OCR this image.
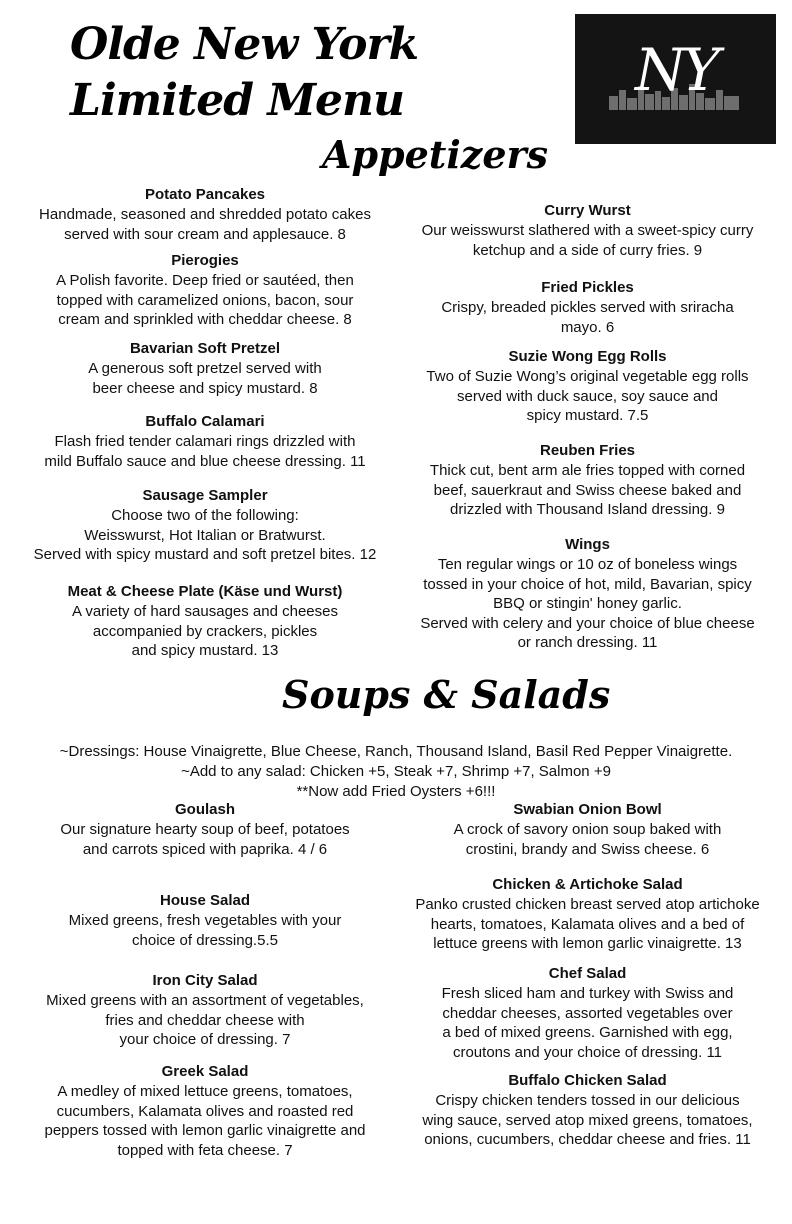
Olde New York
Limited Menu	NY
Appetizers
Potato Pancakes
Handmade, seasoned and shredded potato cakes
served with sour cream and applesauce. 8
Pierogies
A Polish favorite. Deep fried or sautéed, then
topped with caramelized onions, bacon, sour
cream and sprinkled with cheddar cheese. 8
Bavarian Soft Pretzel
A generous soft pretzel served with
beer cheese and spicy mustard. 8
Buffalo Calamari
Flash fried tender calamari rings drizzled with
mild Buffalo sauce and blue cheese dressing. 11
Sausage Sampler
Choose two of the following:
Weisswurst, Hot Italian or Bratwurst.
Served with spicy mustard and soft pretzel bites. 12
Meat & Cheese Plate (Käse und Wurst)
A variety of hard sausages and cheeses
accompanied by crackers, pickles
and spicy mustard. 13
Curry Wurst
Our weisswurst slathered with a sweet-spicy curry
ketchup and a side of curry fries. 9
Fried Pickles
Crispy, breaded pickles served with sriracha
mayo. 6
Suzie Wong Egg Rolls
Two of Suzie Wong’s original vegetable egg rolls
served with duck sauce, soy sauce and
spicy mustard. 7.5
Reuben Fries
Thick cut, bent arm ale fries topped with corned
beef, sauerkraut and Swiss cheese baked and
drizzled with Thousand Island dressing. 9
Wings
Ten regular wings or 10 oz of boneless wings
tossed in your choice of hot, mild, Bavarian, spicy
BBQ or stingin' honey garlic.
Served with celery and your choice of blue cheese
or ranch dressing. 11
Soups & Salads
~Dressings: House Vinaigrette, Blue Cheese, Ranch, Thousand Island, Basil Red Pepper Vinaigrette.
~Add to any salad: Chicken +5, Steak +7, Shrimp +7, Salmon +9
**Now add Fried Oysters +6!!!
Goulash
Our signature hearty soup of beef, potatoes
and carrots spiced with paprika. 4 / 6
House Salad
Mixed greens, fresh vegetables with your
choice of dressing.5.5
Iron City Salad
Mixed greens with an assortment of vegetables,
fries and cheddar cheese with
your choice of dressing. 7
Greek Salad
A medley of mixed lettuce greens, tomatoes,
cucumbers, Kalamata olives and roasted red
peppers tossed with lemon garlic vinaigrette and
topped with feta cheese. 7
Swabian Onion Bowl
A crock of savory onion soup baked with
crostini, brandy and Swiss cheese. 6
Chicken & Artichoke Salad
Panko crusted chicken breast served atop artichoke
hearts, tomatoes, Kalamata olives and a bed of
lettuce greens with lemon garlic vinaigrette. 13
Chef Salad
Fresh sliced ham and turkey with Swiss and
cheddar cheeses, assorted vegetables over
a bed of mixed greens. Garnished with egg,
croutons and your choice of dressing. 11
Buffalo Chicken Salad
Crispy chicken tenders tossed in our delicious
wing sauce, served atop mixed greens, tomatoes,
onions, cucumbers, cheddar cheese and fries. 11
